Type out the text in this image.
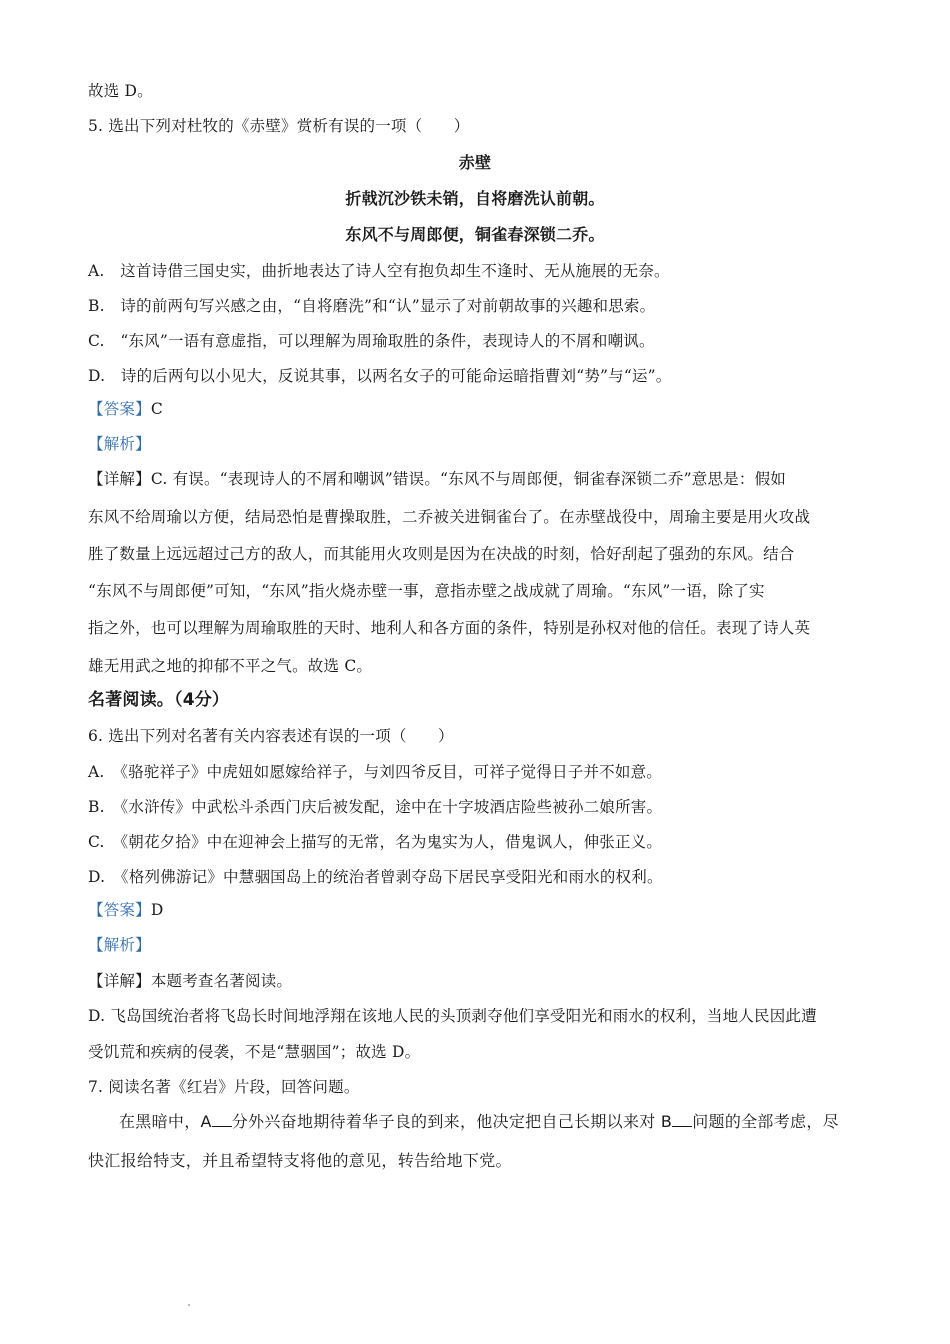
故选 D。
5. 选出下列对杜牧的《赤壁》赏析有误的一项（　　）
赤壁
折戟沉沙铁未销，自将磨洗认前朝。
东风不与周郎便，铜雀春深锁二乔。
A.　这首诗借三国史实，曲折地表达了诗人空有抱负却生不逢时、无从施展的无奈。
B.　诗的前两句写兴感之由，“自将磨洗”和“认”显示了对前朝故事的兴趣和思索。
C.　“东风”一语有意虚指，可以理解为周瑜取胜的条件，表现诗人的不屑和嘲讽。
D.　诗的后两句以小见大，反说其事，以两名女子的可能命运暗指曹刘“势”与“运”。
【答案】C
【解析】
【详解】C. 有误。“表现诗人的不屑和嘲讽”错误。“东风不与周郎便，铜雀春深锁二乔”意思是：假如
东风不给周瑜以方便，结局恐怕是曹操取胜，二乔被关进铜雀台了。在赤壁战役中，周瑜主要是用火攻战
胜了数量上远远超过己方的敌人，而其能用火攻则是因为在决战的时刻，恰好刮起了强劲的东风。结合
“东风不与周郎便”可知，“东风”指火烧赤壁一事，意指赤壁之战成就了周瑜。“东风”一语，除了实
指之外，也可以理解为周瑜取胜的天时、地利人和各方面的条件，特别是孙权对他的信任。表现了诗人英
雄无用武之地的抑郁不平之气。故选 C。
名著阅读。（4分）
6. 选出下列对名著有关内容表述有误的一项（　　）
A.　《骆驼祥子》中虎妞如愿嫁给祥子，与刘四爷反目，可祥子觉得日子并不如意。
B.　《水浒传》中武松斗杀西门庆后被发配，途中在十字坡酒店险些被孙二娘所害。
C.　《朝花夕拾》中在迎神会上描写的无常，名为鬼实为人，借鬼讽人，伸张正义。
D.　《格列佛游记》中慧骃国岛上的统治者曾剥夺岛下居民享受阳光和雨水的权利。
【答案】D
【解析】
【详解】本题考查名著阅读。
D. 飞岛国统治者将飞岛长时间地浮翔在该地人民的头顶剥夺他们享受阳光和雨水的权利，当地人民因此遭
受饥荒和疾病的侵袭，不是“慧骃国”；故选 D。
7. 阅读名著《红岩》片段，回答问题。
在黑暗中，A 分外兴奋地期待着华子良的到来，他决定把自己长期以来对 B 问题的全部考虑，尽
快汇报给特支，并且希望特支将他的意见，转告给地下党。
